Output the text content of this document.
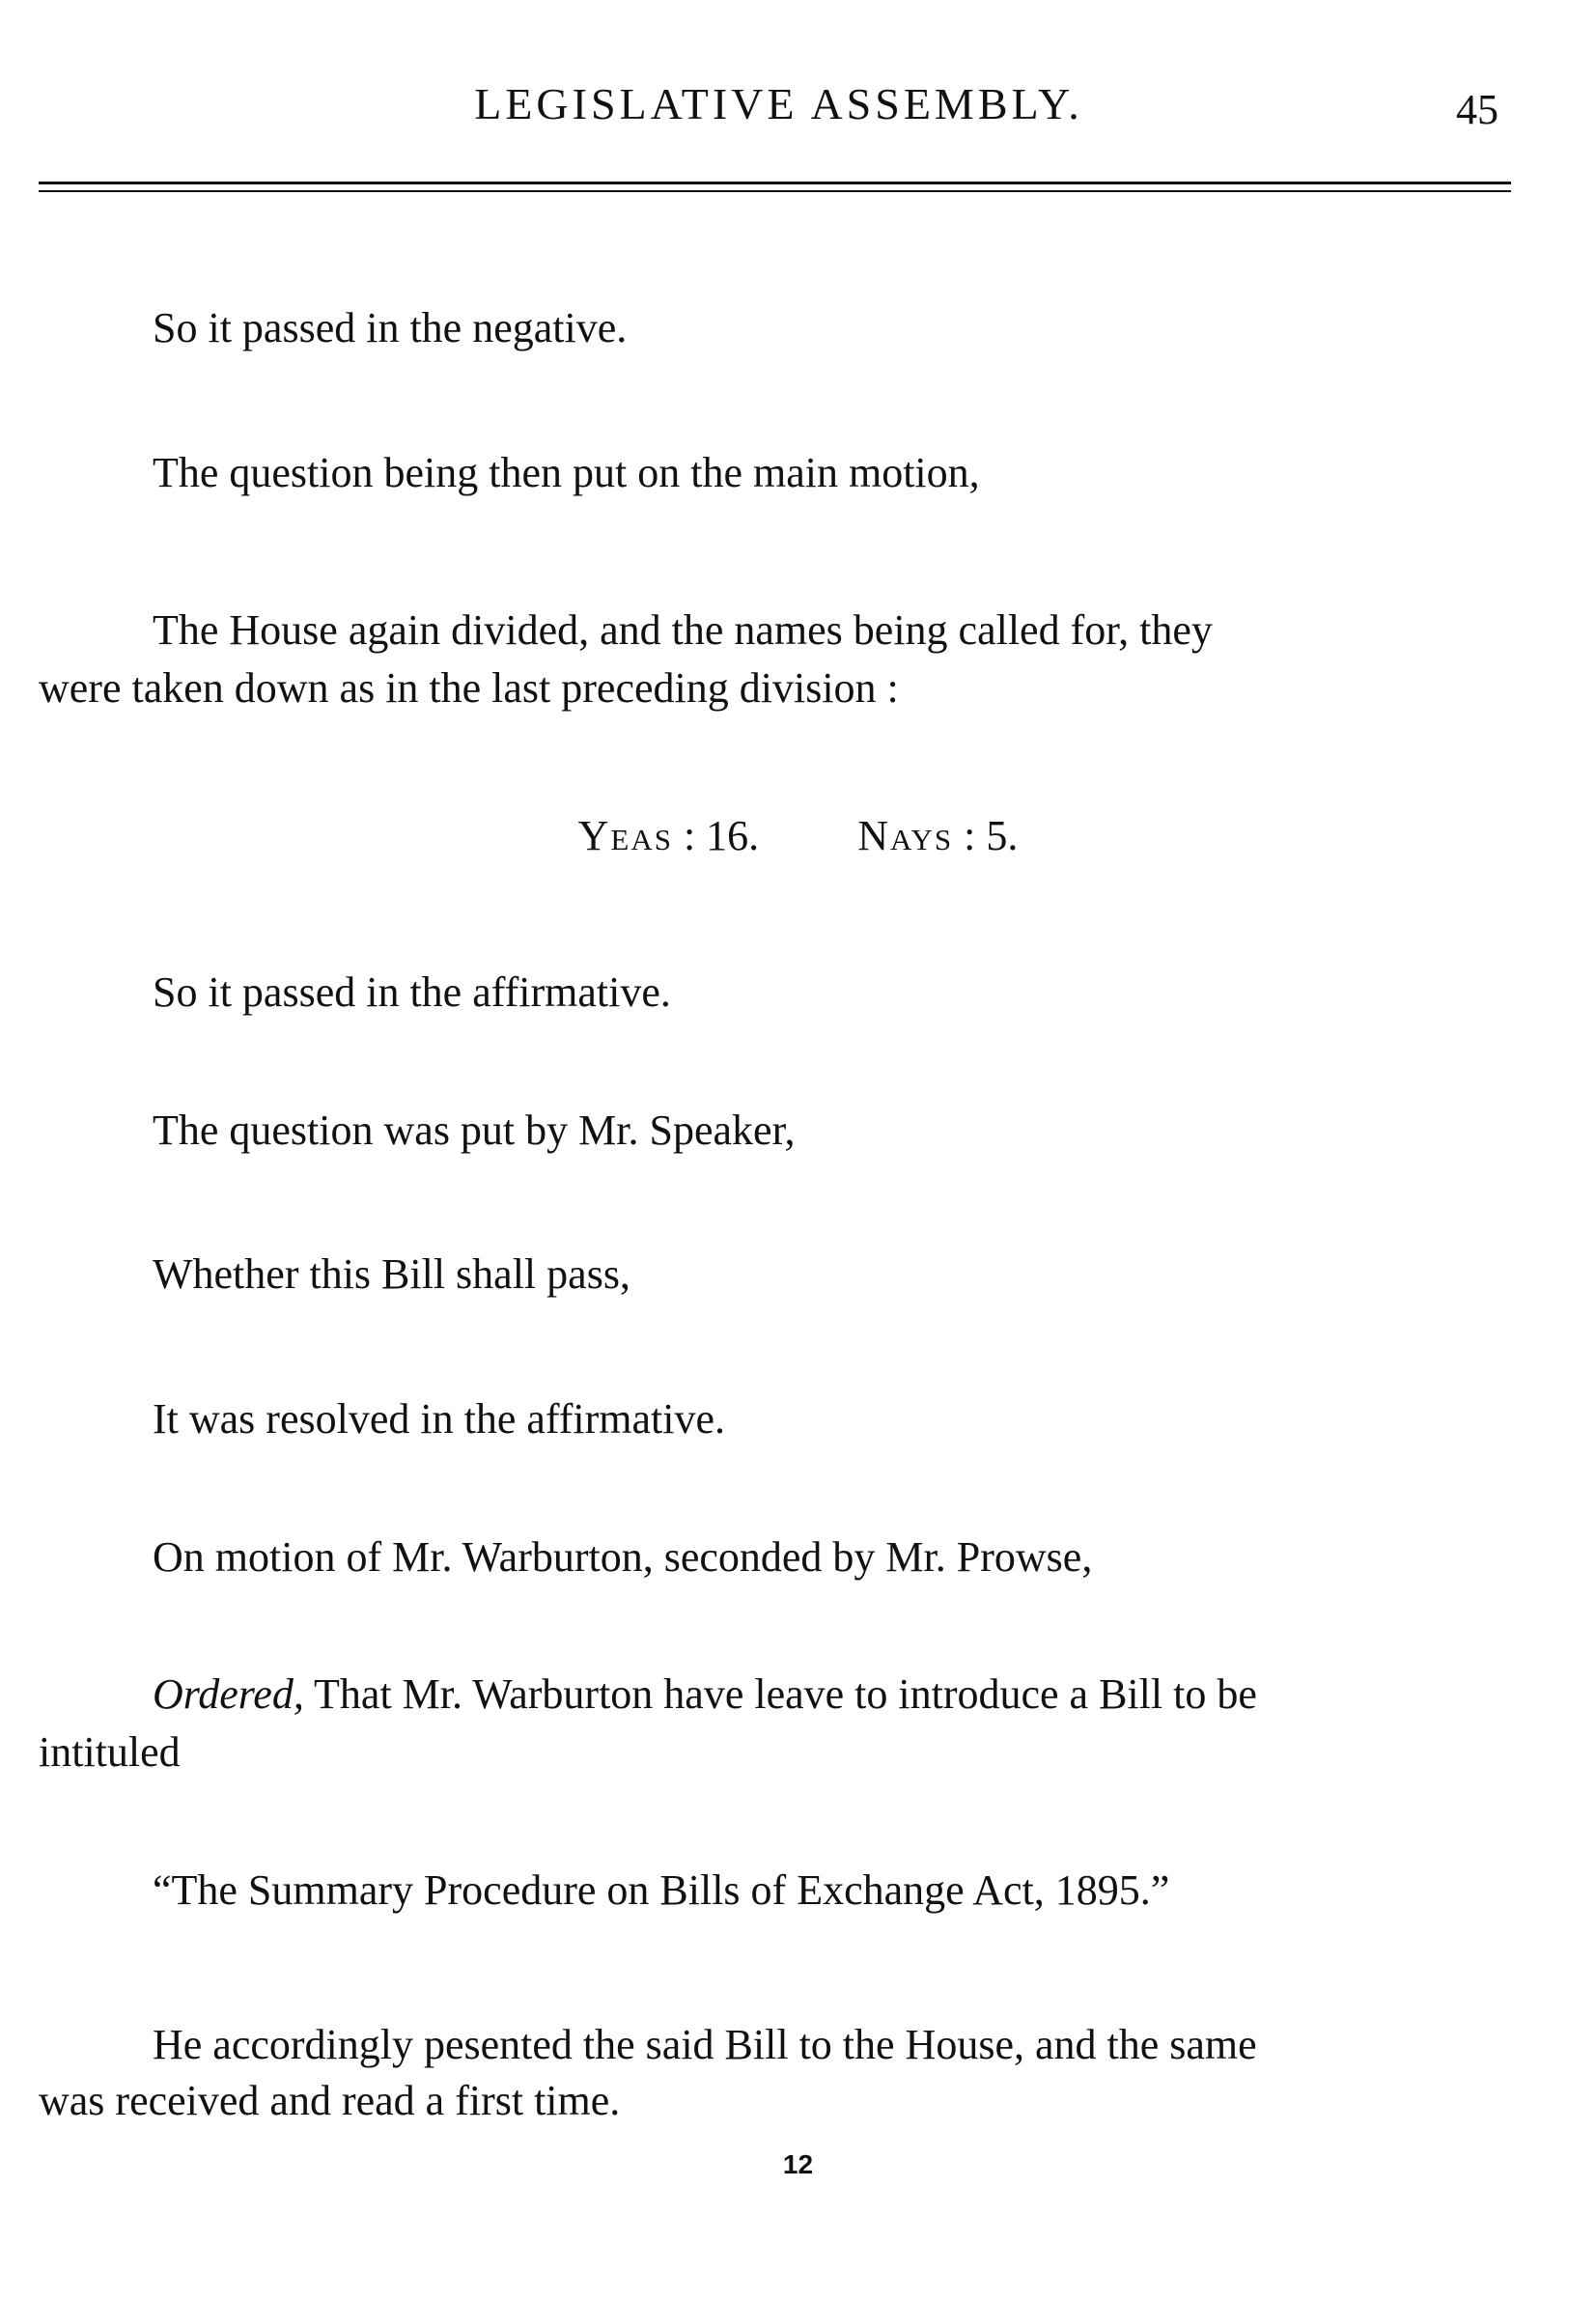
LEGISLATIVE ASSEMBLY.	45
So it passed in the negative.
The question being then put on the main motion,
The House again divided, and the names being called for, they
were taken down as in the last preceding division :
Yeas : 16. Nays : 5.
So it passed in the affirmative.
The question was put by Mr. Speaker,
Whether this Bill shall pass,
It was resolved in the affirmative.
On motion of Mr. Warburton, seconded by Mr. Prowse,
Ordered, That Mr. Warburton have leave to introduce a Bill to be
intituled
“The Summary Procedure on Bills of Exchange Act, 1895.”
He accordingly pesented the said Bill to the House, and the same
was received and read a first time.
12
